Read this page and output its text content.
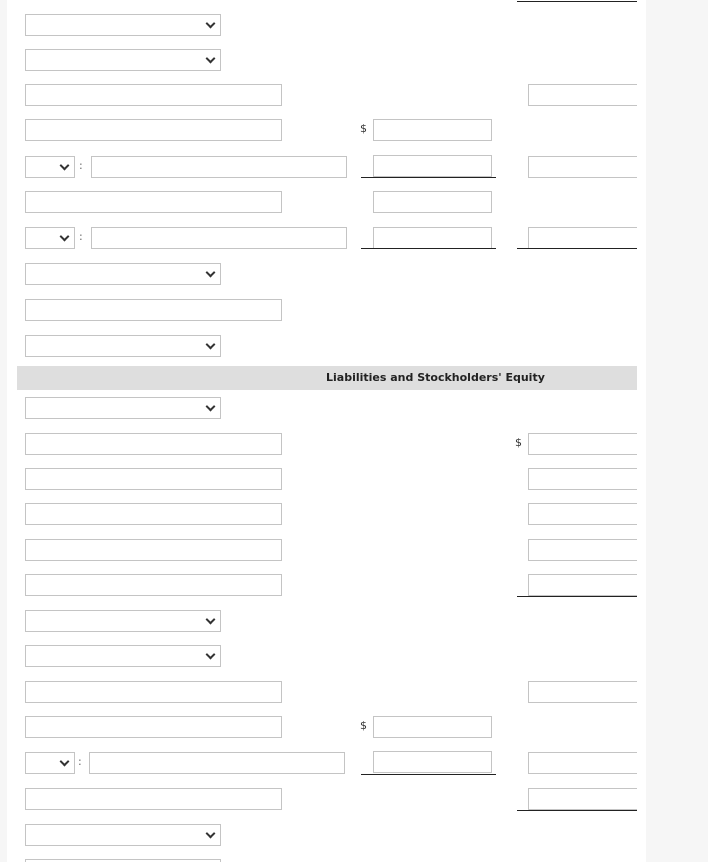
$
:
:
Liabilities and Stockholders' Equity
$
$
:
